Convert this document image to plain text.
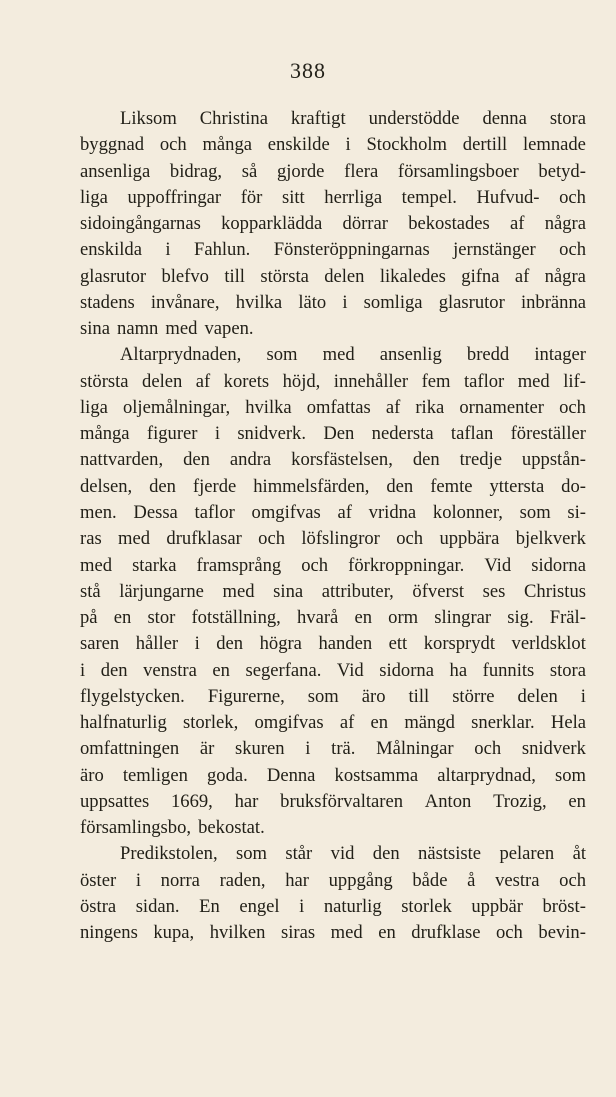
388
Liksom Christina kraftigt understödde denna stora
byggnad och många enskilde i Stockholm dertill lemnade
ansenliga bidrag, så gjorde flera församlingsboer betyd-
liga uppoffringar för sitt herrliga tempel. Hufvud- och
sidoingångarnas kopparklädda dörrar bekostades af några
enskilda i Fahlun. Fönsteröppningarnas jernstänger och
glasrutor blefvo till största delen likaledes gifna af några
stadens invånare, hvilka läto i somliga glasrutor inbränna
sina namn med vapen.
Altarprydnaden, som med ansenlig bredd intager
största delen af korets höjd, innehåller fem taflor med lif-
liga oljemålningar, hvilka omfattas af rika ornamenter och
många figurer i snidverk. Den nedersta taflan föreställer
nattvarden, den andra korsfästelsen, den tredje uppstån-
delsen, den fjerde himmelsfärden, den femte yttersta do-
men. Dessa taflor omgifvas af vridna kolonner, som si-
ras med drufklasar och löfslingror och uppbära bjelkverk
med starka framsprång och förkroppningar. Vid sidorna
stå lärjungarne med sina attributer, öfverst ses Christus
på en stor fotställning, hvarå en orm slingrar sig. Fräl-
saren håller i den högra handen ett korsprydt verldsklot
i den venstra en segerfana. Vid sidorna ha funnits stora
flygelstycken. Figurerne, som äro till större delen i
halfnaturlig storlek, omgifvas af en mängd snerklar. Hela
omfattningen är skuren i trä. Målningar och snidverk
äro temligen goda. Denna kostsamma altarprydnad, som
uppsattes 1669, har bruksförvaltaren Anton Trozig, en
församlingsbo, bekostat.
Predikstolen, som står vid den nästsiste pelaren åt
öster i norra raden, har uppgång både å vestra och
östra sidan. En engel i naturlig storlek uppbär bröst-
ningens kupa, hvilken siras med en drufklase och bevin-
